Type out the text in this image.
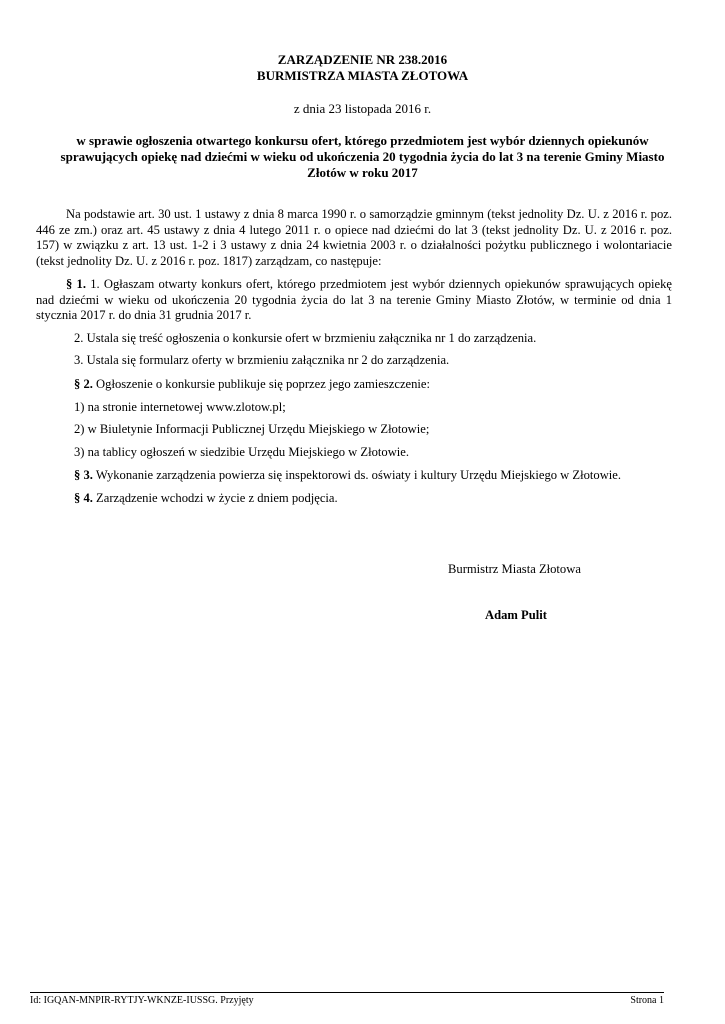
ZARZĄDZENIE NR 238.2016
BURMISTRZA MIASTA ZŁOTOWA
z dnia 23 listopada 2016 r.
w sprawie ogłoszenia otwartego konkursu ofert, którego przedmiotem jest wybór dziennych opiekunów sprawujących opiekę nad dziećmi w wieku od ukończenia 20 tygodnia życia do lat 3 na terenie Gminy Miasto Złotów w roku 2017
Na podstawie art. 30 ust. 1 ustawy z dnia 8 marca 1990 r. o samorządzie gminnym (tekst jednolity Dz. U. z 2016 r. poz. 446 ze zm.) oraz art. 45 ustawy z dnia 4 lutego 2011 r. o opiece nad dziećmi do lat 3 (tekst jednolity Dz. U. z 2016 r. poz. 157) w związku z art. 13 ust. 1-2 i 3 ustawy z dnia 24 kwietnia 2003 r. o działalności pożytku publicznego i wolontariacie (tekst jednolity Dz. U. z 2016 r. poz. 1817) zarządzam, co następuje:
§ 1. 1. Ogłaszam otwarty konkurs ofert, którego przedmiotem jest wybór dziennych opiekunów sprawujących opiekę nad dziećmi w wieku od ukończenia 20 tygodnia życia do lat 3 na terenie Gminy Miasto Złotów, w terminie od dnia 1 stycznia 2017 r. do dnia 31 grudnia 2017 r.
2. Ustala się treść ogłoszenia o konkursie ofert w brzmieniu załącznika nr 1 do zarządzenia.
3. Ustala się formularz oferty w brzmieniu załącznika nr 2 do zarządzenia.
§ 2. Ogłoszenie o konkursie publikuje się poprzez jego zamieszczenie:
1) na stronie internetowej www.zlotow.pl;
2) w Biuletynie Informacji Publicznej Urzędu Miejskiego w Złotowie;
3) na tablicy ogłoszeń w siedzibie Urzędu Miejskiego w Złotowie.
§ 3. Wykonanie zarządzenia powierza się inspektorowi ds. oświaty i kultury Urzędu Miejskiego w Złotowie.
§ 4. Zarządzenie wchodzi w życie z dniem podjęcia.
Burmistrz Miasta Złotowa
Adam Pulit
Id: IGQAN-MNPIR-RYTJY-WKNZE-IUSSG. Przyjęty	Strona 1
